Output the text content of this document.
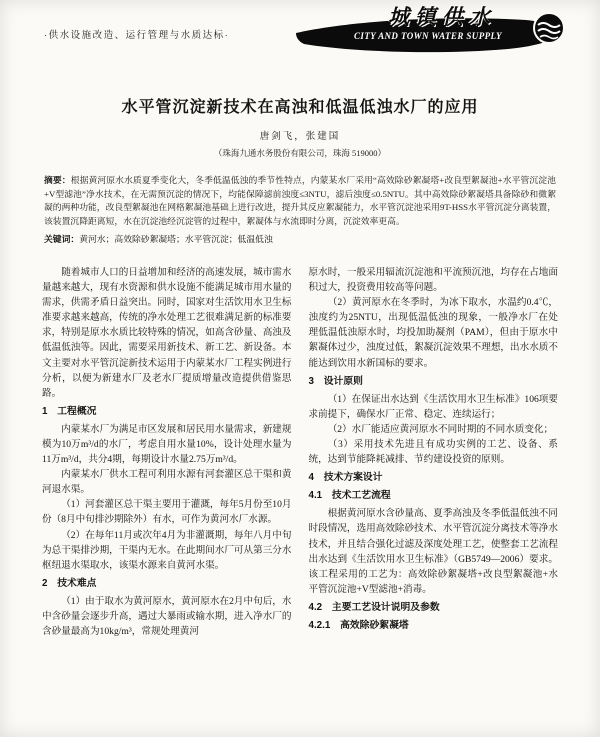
·供水设施改造、运行管理与水质达标·
城镇供水
CITY AND TOWN WATER SUPPLY
水平管沉淀新技术在高浊和低温低浊水厂的应用
唐剑飞，张建国
（珠海九通水务股份有限公司，珠海 519000）
摘要：根据黄河原水水质夏季变化大，冬季低温低浊的季节性特点，内蒙某水厂采用“高效除砂絮凝塔+改良型絮凝池+水平管沉淀池+V型滤池”净水技术，在无需预沉淀的情况下，均能保障滤前浊度≤3NTU，滤后浊度≤0.5NTU。其中高效除砂絮凝塔具备除砂和微絮凝的两种功能，改良型絮凝池在网格絮凝池基础上进行改进，提升其反应絮凝能力，水平管沉淀池采用9T-HSS水平管沉淀分离装置，该装置沉降距离短，水在沉淀池经沉淀管的过程中，絮凝体与水流即时分离，沉淀效率更高。
关键词：黄河水；高效除砂絮凝塔；水平管沉淀；低温低浊

随着城市人口的日益增加和经济的高速发展，城市需水量越来越大，现有水资源和供水设施不能满足城市用水量的需求，供需矛盾日益突出。同时，国家对生活饮用水卫生标准要求越来越高，传统的净水处理工艺很难满足新的标准要求，特别是原水水质比较特殊的情况，如高含砂量、高浊及低温低浊等。因此，需要采用新技术、新工艺、新设备。本文主要对水平管沉淀新技术运用于内蒙某水厂工程实例进行分析，以便为新建水厂及老水厂提质增量改造提供借鉴思路。

1　工程概况

内蒙某水厂为满足市区发展和居民用水量需求，新建规模为10万m³/d的水厂，考虑自用水量10%，设计处理水量为11万m³/d，共分4期，每期设计水量2.75万m³/d。

内蒙某水厂供水工程可利用水源有河套灌区总干渠和黄河退水渠。

（1）河套灌区总干渠主要用于灌溉，每年5月份至10月份（8月中旬排沙期除外）有水，可作为黄河水厂水源。

（2）在每年11月或次年4月为非灌溉期，每年八月中旬为总干渠排沙期，干渠内无水。在此期间水厂可从第三分水枢纽退水渠取水，该渠水源来自黄河水渠。

2　技术难点

（1）由于取水为黄河原水，黄河原水在2月中旬后，水中含砂量会逐步升高，遇过大暴雨或输水期，进入净水厂的含砂量最高为10kg/m³，常规处理黄河

原水时，一般采用辐流沉淀池和平流预沉池，均存在占地面积过大，投资费用较高等问题。

（2）黄河原水在冬季时，为冰下取水，水温约0.4℃，浊度约为25NTU，出现低温低浊的现象，一般净水厂在处理低温低浊原水时，均投加助凝剂（PAM），但由于原水中絮凝体过少，浊度过低，絮凝沉淀效果不理想，出水水质不能达到饮用水新国标的要求。

3　设计原则

（1）在保证出水达到《生活饮用水卫生标准》106项要求前提下，确保水厂正常、稳定、连续运行；

（2）水厂能适应黄河原水不同时期的不同水质变化；

（3）采用技术先进且有成功实例的工艺、设备、系统，达到节能降耗减排、节约建设投资的原则。

4　技术方案设计
4.1　技术工艺流程

根据黄河原水含砂量高、夏季高浊及冬季低温低浊不同时段情况，选用高效除砂技术、水平管沉淀分离技术等净水技术，并且结合强化过滤及深度处理工艺，使整套工艺流程出水达到《生活饮用水卫生标准》（GB5749—2006）要求。该工程采用的工艺为：高效除砂絮凝塔+改良型絮凝池+水平管沉淀池+V型滤池+消毒。

4.2　主要工艺设计说明及参数
4.2.1　高效除砂絮凝塔
